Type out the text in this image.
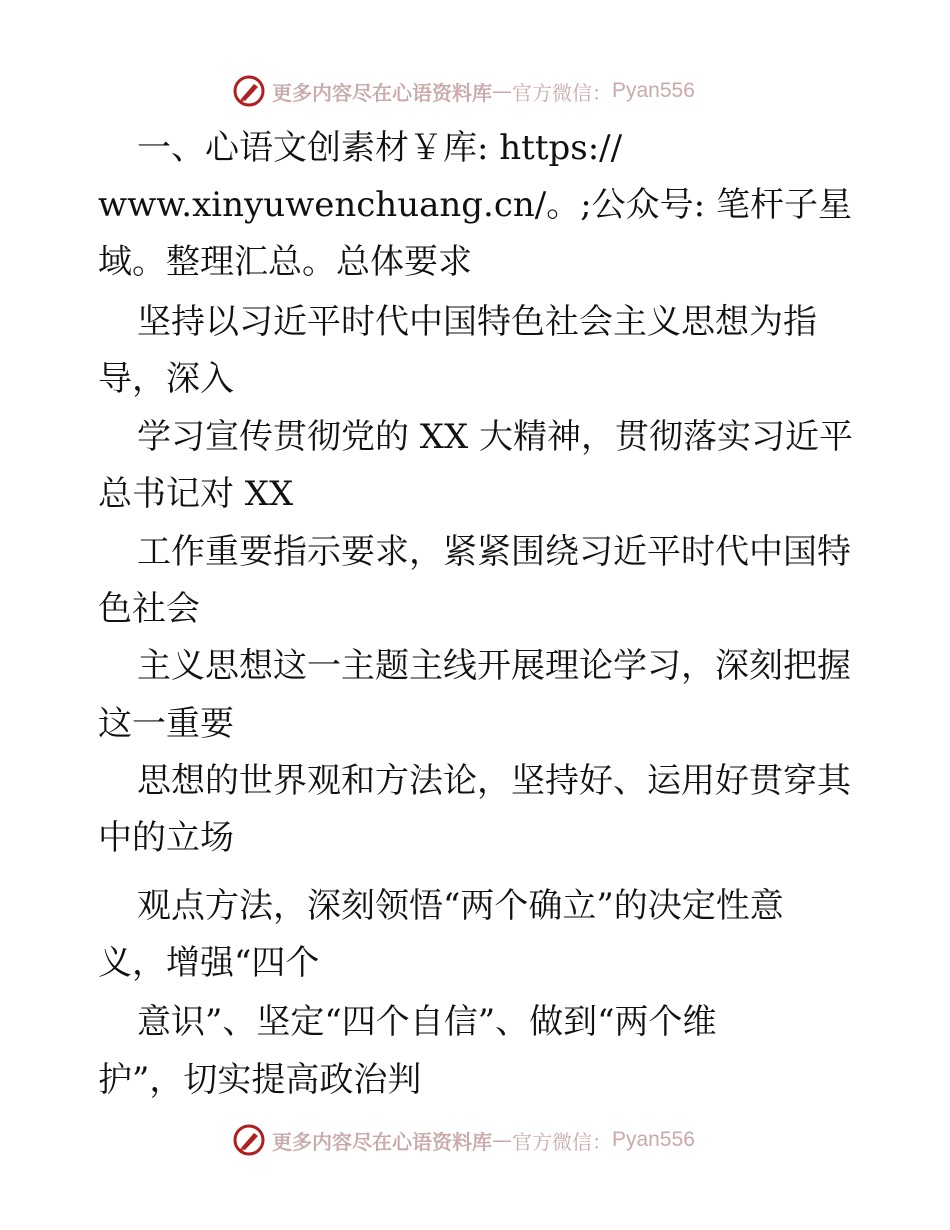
更多内容尽在心语资料库 — 官方微信： Pyan556
一、心语文创素材￥库: https://
www.xinyuwenchuang.cn/。;公众号: 笔杆子星
域。整理汇总。总体要求
坚持以习近平时代中国特色社会主义思想为指
导，深入
学习宣传贯彻党的 XX 大精神，贯彻落实习近平
总书记对 XX
工作重要指示要求，紧紧围绕习近平时代中国特
色社会
主义思想这一主题主线开展理论学习，深刻把握
这一重要
思想的世界观和方法论，坚持好、运用好贯穿其
中的立场
观点方法，深刻领悟“两个确立”的决定性意
义，增强“四个
意识”、坚定“四个自信”、做到“两个维
护”，切实提高政治判
更多内容尽在心语资料库 — 官方微信： Pyan556
